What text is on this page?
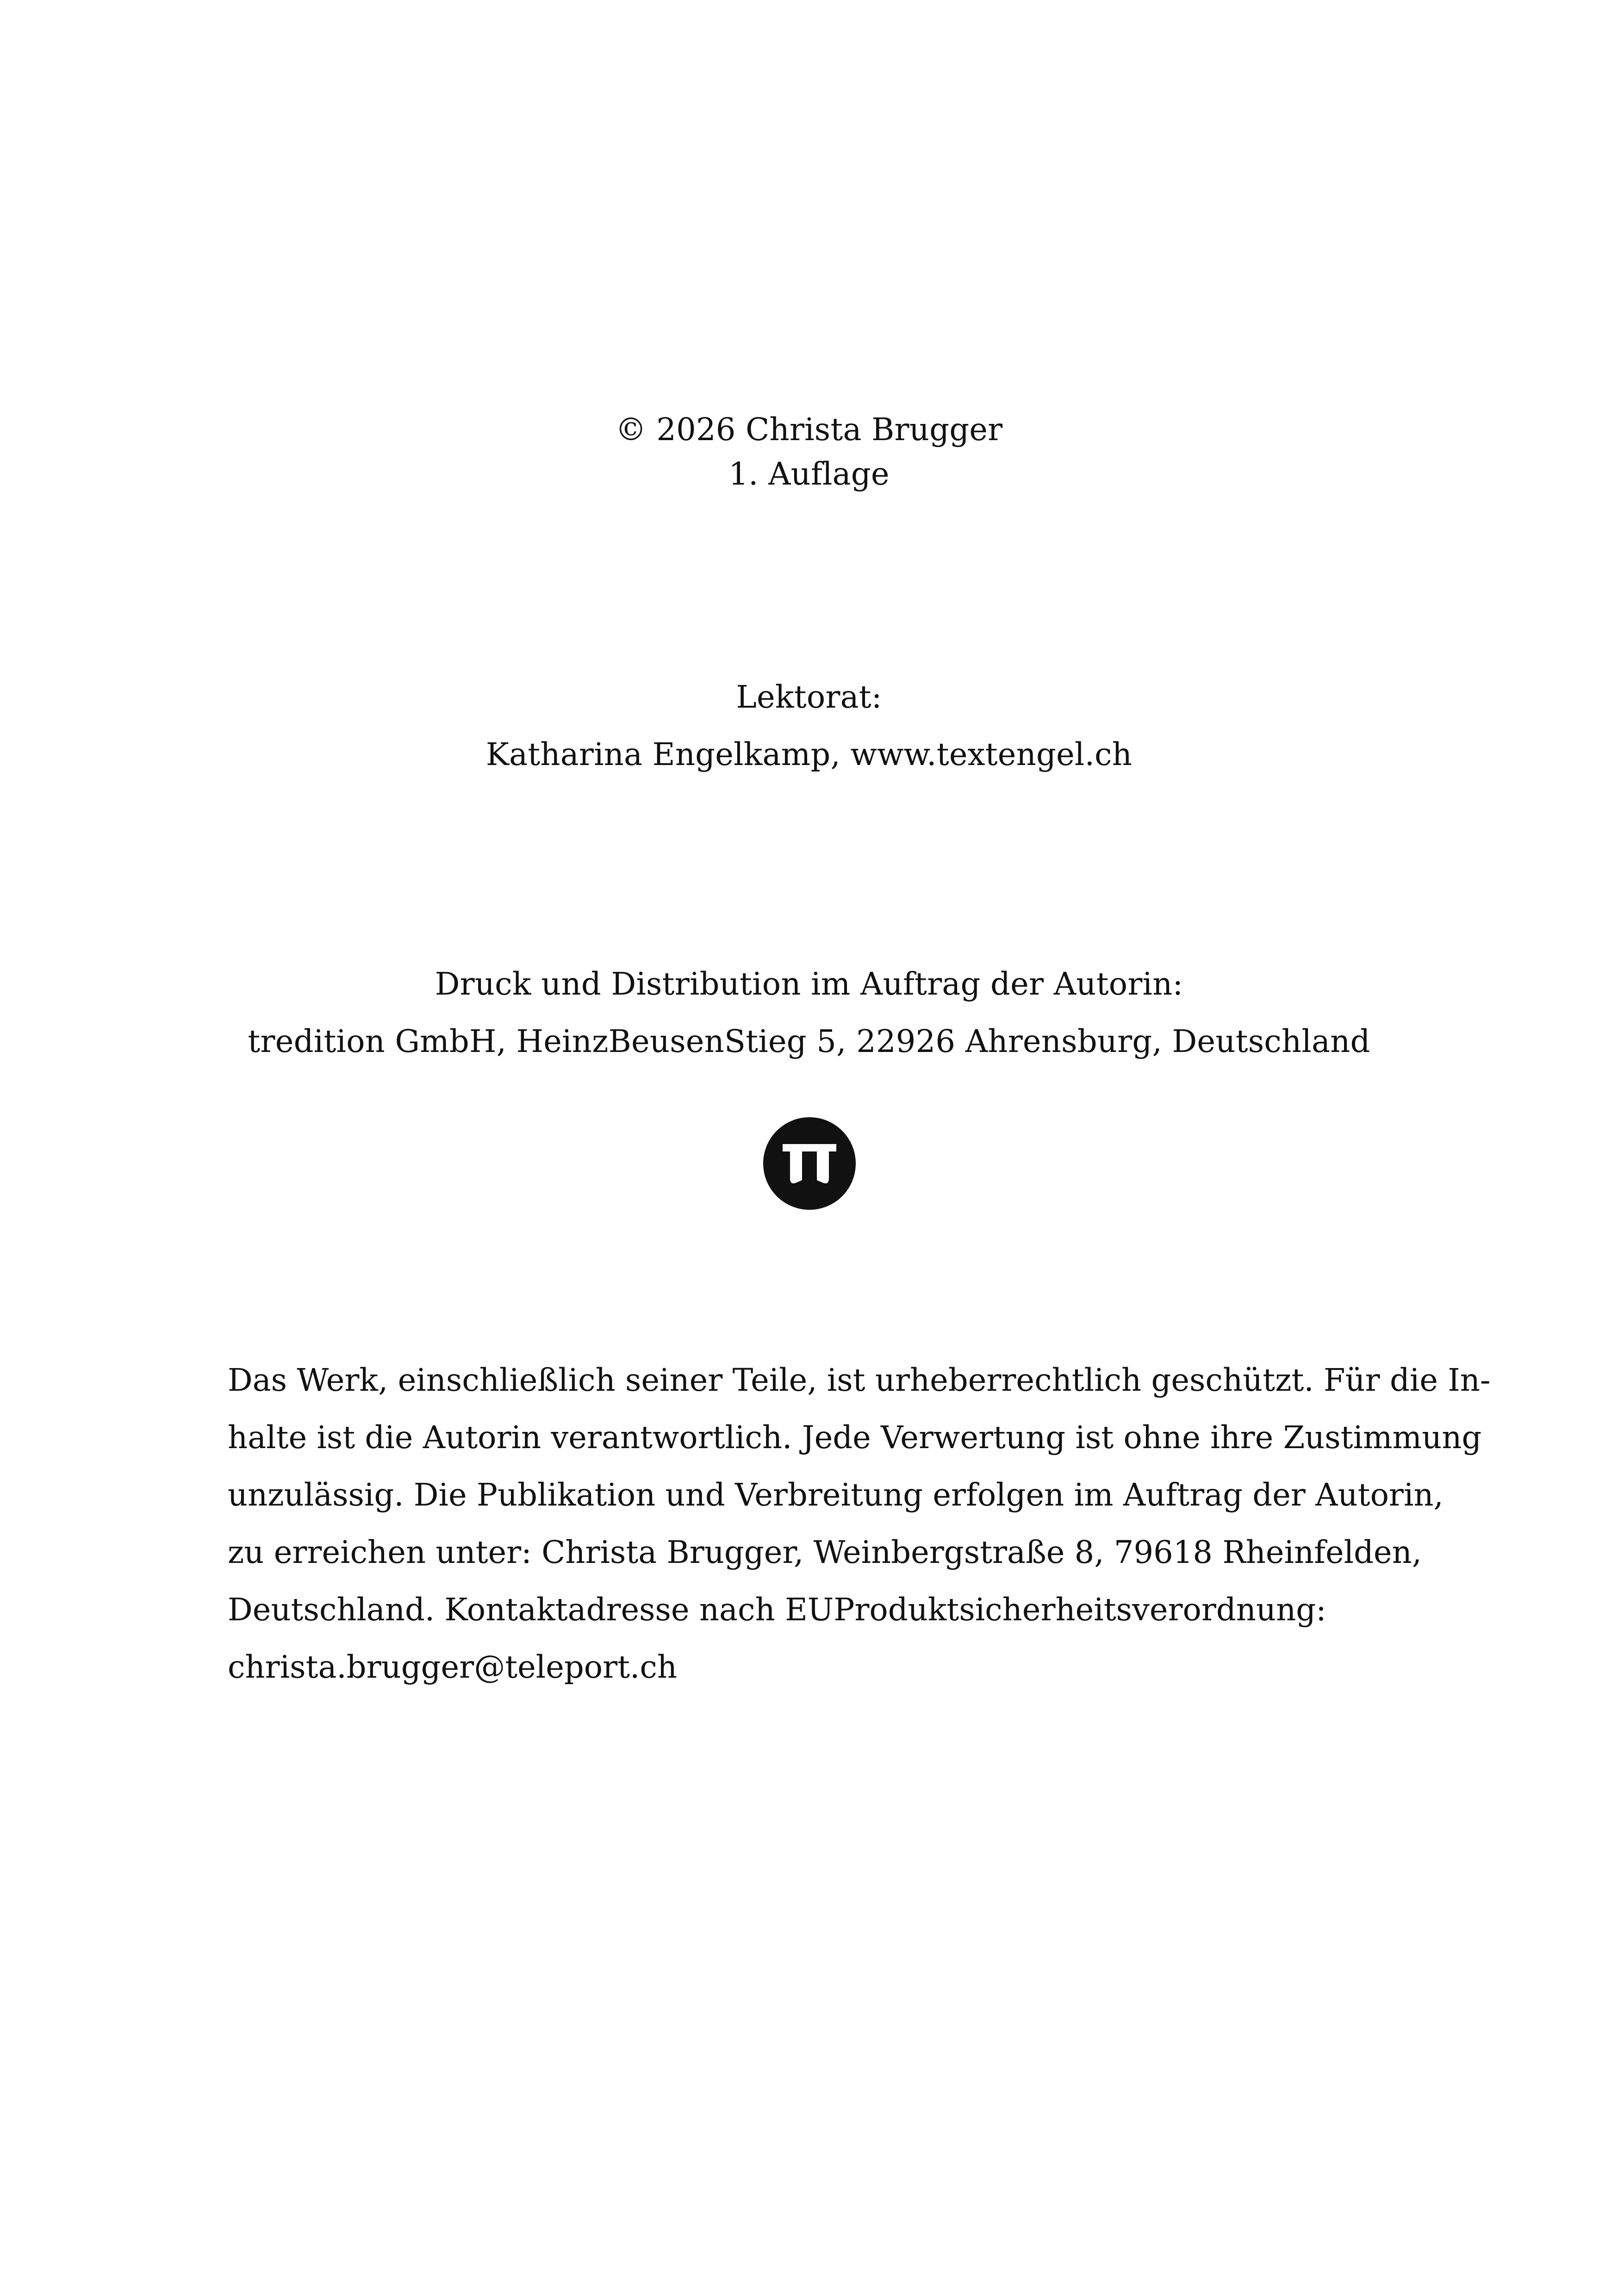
© 2026 Christa Brugger
1. Auflage
Lektorat:
Katharina Engelkamp, www.textengel.ch
Druck und Distribution im Auftrag der Autorin:
tredition GmbH, HeinzBeusenStieg 5, 22926 Ahrensburg, Deutschland
Das Werk, einschließlich seiner Teile, ist urheberrechtlich geschützt. Für die In-
halte ist die Autorin verantwortlich. Jede Verwertung ist ohne ihre Zustimmung
unzulässig. Die Publikation und Verbreitung erfolgen im Auftrag der Autorin,
zu erreichen unter: Christa Brugger, Weinbergstraße 8, 79618 Rheinfelden,
Deutschland. Kontaktadresse nach EUProduktsicherheitsverordnung:
christa.brugger@teleport.ch
